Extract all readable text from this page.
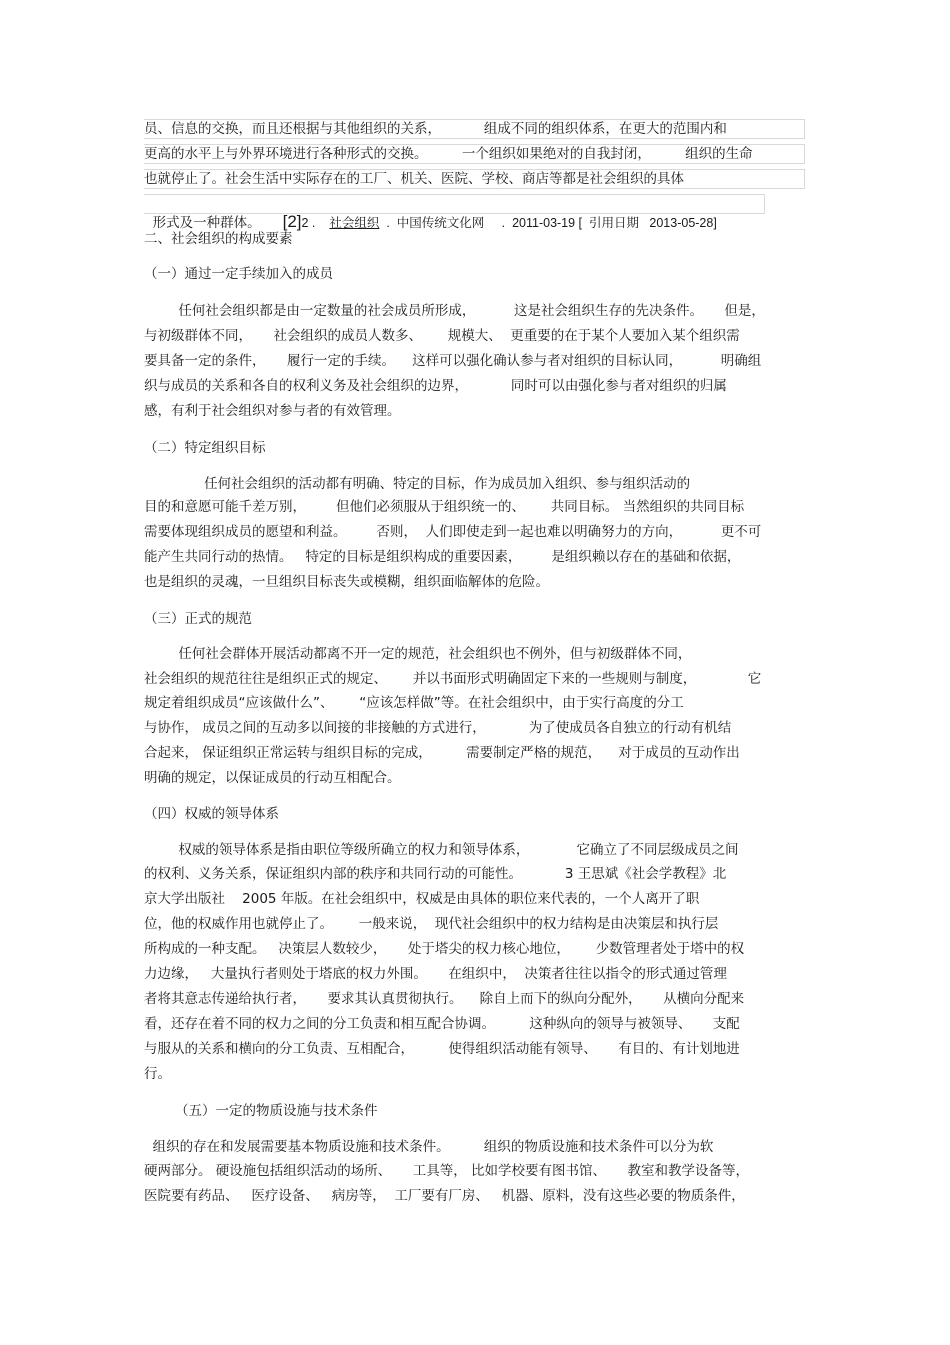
员、信息的交换，而且还根据与其他组织的关系，          组成不同的组织体系，在更大的范围内和
更高的水平上与外界环境进行各种形式的交换。        一个组织如果绝对的自我封闭，        组织的生命
也就停止了。社会生活中实际存在的工厂、机关、医院、学校、商店等都是社会组织的具体

形式及一种群体。 [2]2 . 社会组织  .  中国传统文化网     .  2011-03-19 [  引用日期   2013-05-28]

二、社会组织的构成要素
（一）通过一定手续加入的成员
任何社会组织都是由一定数量的社会成员所形成，         这是社会组织生存的先决条件。     但是，
与初级群体不同，     社会组织的成员人数多、      规模大、  更重要的在于某个人要加入某个组织需
要具备一定的条件，     履行一定的手续。    这样可以强化确认参与者对组织的目标认同，         明确组
织与成员的关系和各自的权利义务及社会组织的边界，          同时可以由强化参与者对组织的归属
感，有利于社会组织对参与者的有效管理。
（二）特定组织目标
任何社会组织的活动都有明确、特定的目标，作为成员加入组织、参与组织活动的
目的和意愿可能千差万别，       但他们必须服从于组织统一的、      共同目标。 当然组织的共同目标
需要体现组织成员的愿望和利益。       否则，  人们即使走到一起也难以明确努力的方向，         更不可
能产生共同行动的热情。   特定的目标是组织构成的重要因素，       是组织赖以存在的基础和依据，
也是组织的灵魂，一旦组织目标丧失或模糊，组织面临解体的危险。
（三）正式的规范
任何社会群体开展活动都离不开一定的规范，社会组织也不例外，但与初级群体不同，
社会组织的规范往往是组织正式的规定、      并以书面形式明确固定下来的一些规则与制度，            它
规定着组织成员“应该做什么”、      “应该怎样做”等。在社会组织中，由于实行高度的分工
与协作， 成员之间的互动多以间接的非接触的方式进行，          为了使成员各自独立的行动有机结
合起来， 保证组织正常运转与组织目标的完成，        需要制定严格的规范，    对于成员的互动作出
明确的规定，以保证成员的行动互相配合。
（四）权威的领导体系
权威的领导体系是指由职位等级所确立的权力和领导体系，           它确立了不同层级成员之间
的权利、义务关系，保证组织内部的秩序和共同行动的可能性。          3 王思斌《社会学教程》北
京大学出版社    2005 年版。在社会组织中，权威是由具体的职位来代表的，一个人离开了职
位，他的权威作用也就停止了。      一般来说，  现代社会组织中的权力结构是由决策层和执行层
所构成的一种支配。   决策层人数较少，     处于塔尖的权力核心地位，      少数管理者处于塔中的权
力边缘，   大量执行者则处于塔底的权力外围。     在组织中，  决策者往往以指令的形式通过管理
者将其意志传递给执行者，     要求其认真贯彻执行。    除自上而下的纵向分配外，     从横向分配来
看，还存在着不同的权力之间的分工负责和相互配合协调。        这种纵向的领导与被领导、     支配
与服从的关系和横向的分工负责、互相配合，        使得组织活动能有领导、     有目的、有计划地进
行。
（五）一定的物质设施与技术条件
组织的存在和发展需要基本物质设施和技术条件。        组织的物质设施和技术条件可以分为软
硬两部分。 硬设施包括组织活动的场所、     工具等， 比如学校要有图书馆、     教室和教学设备等，
医院要有药品、   医疗设备、   病房等，  工厂要有厂房、   机器、原料，没有这些必要的物质条件，
